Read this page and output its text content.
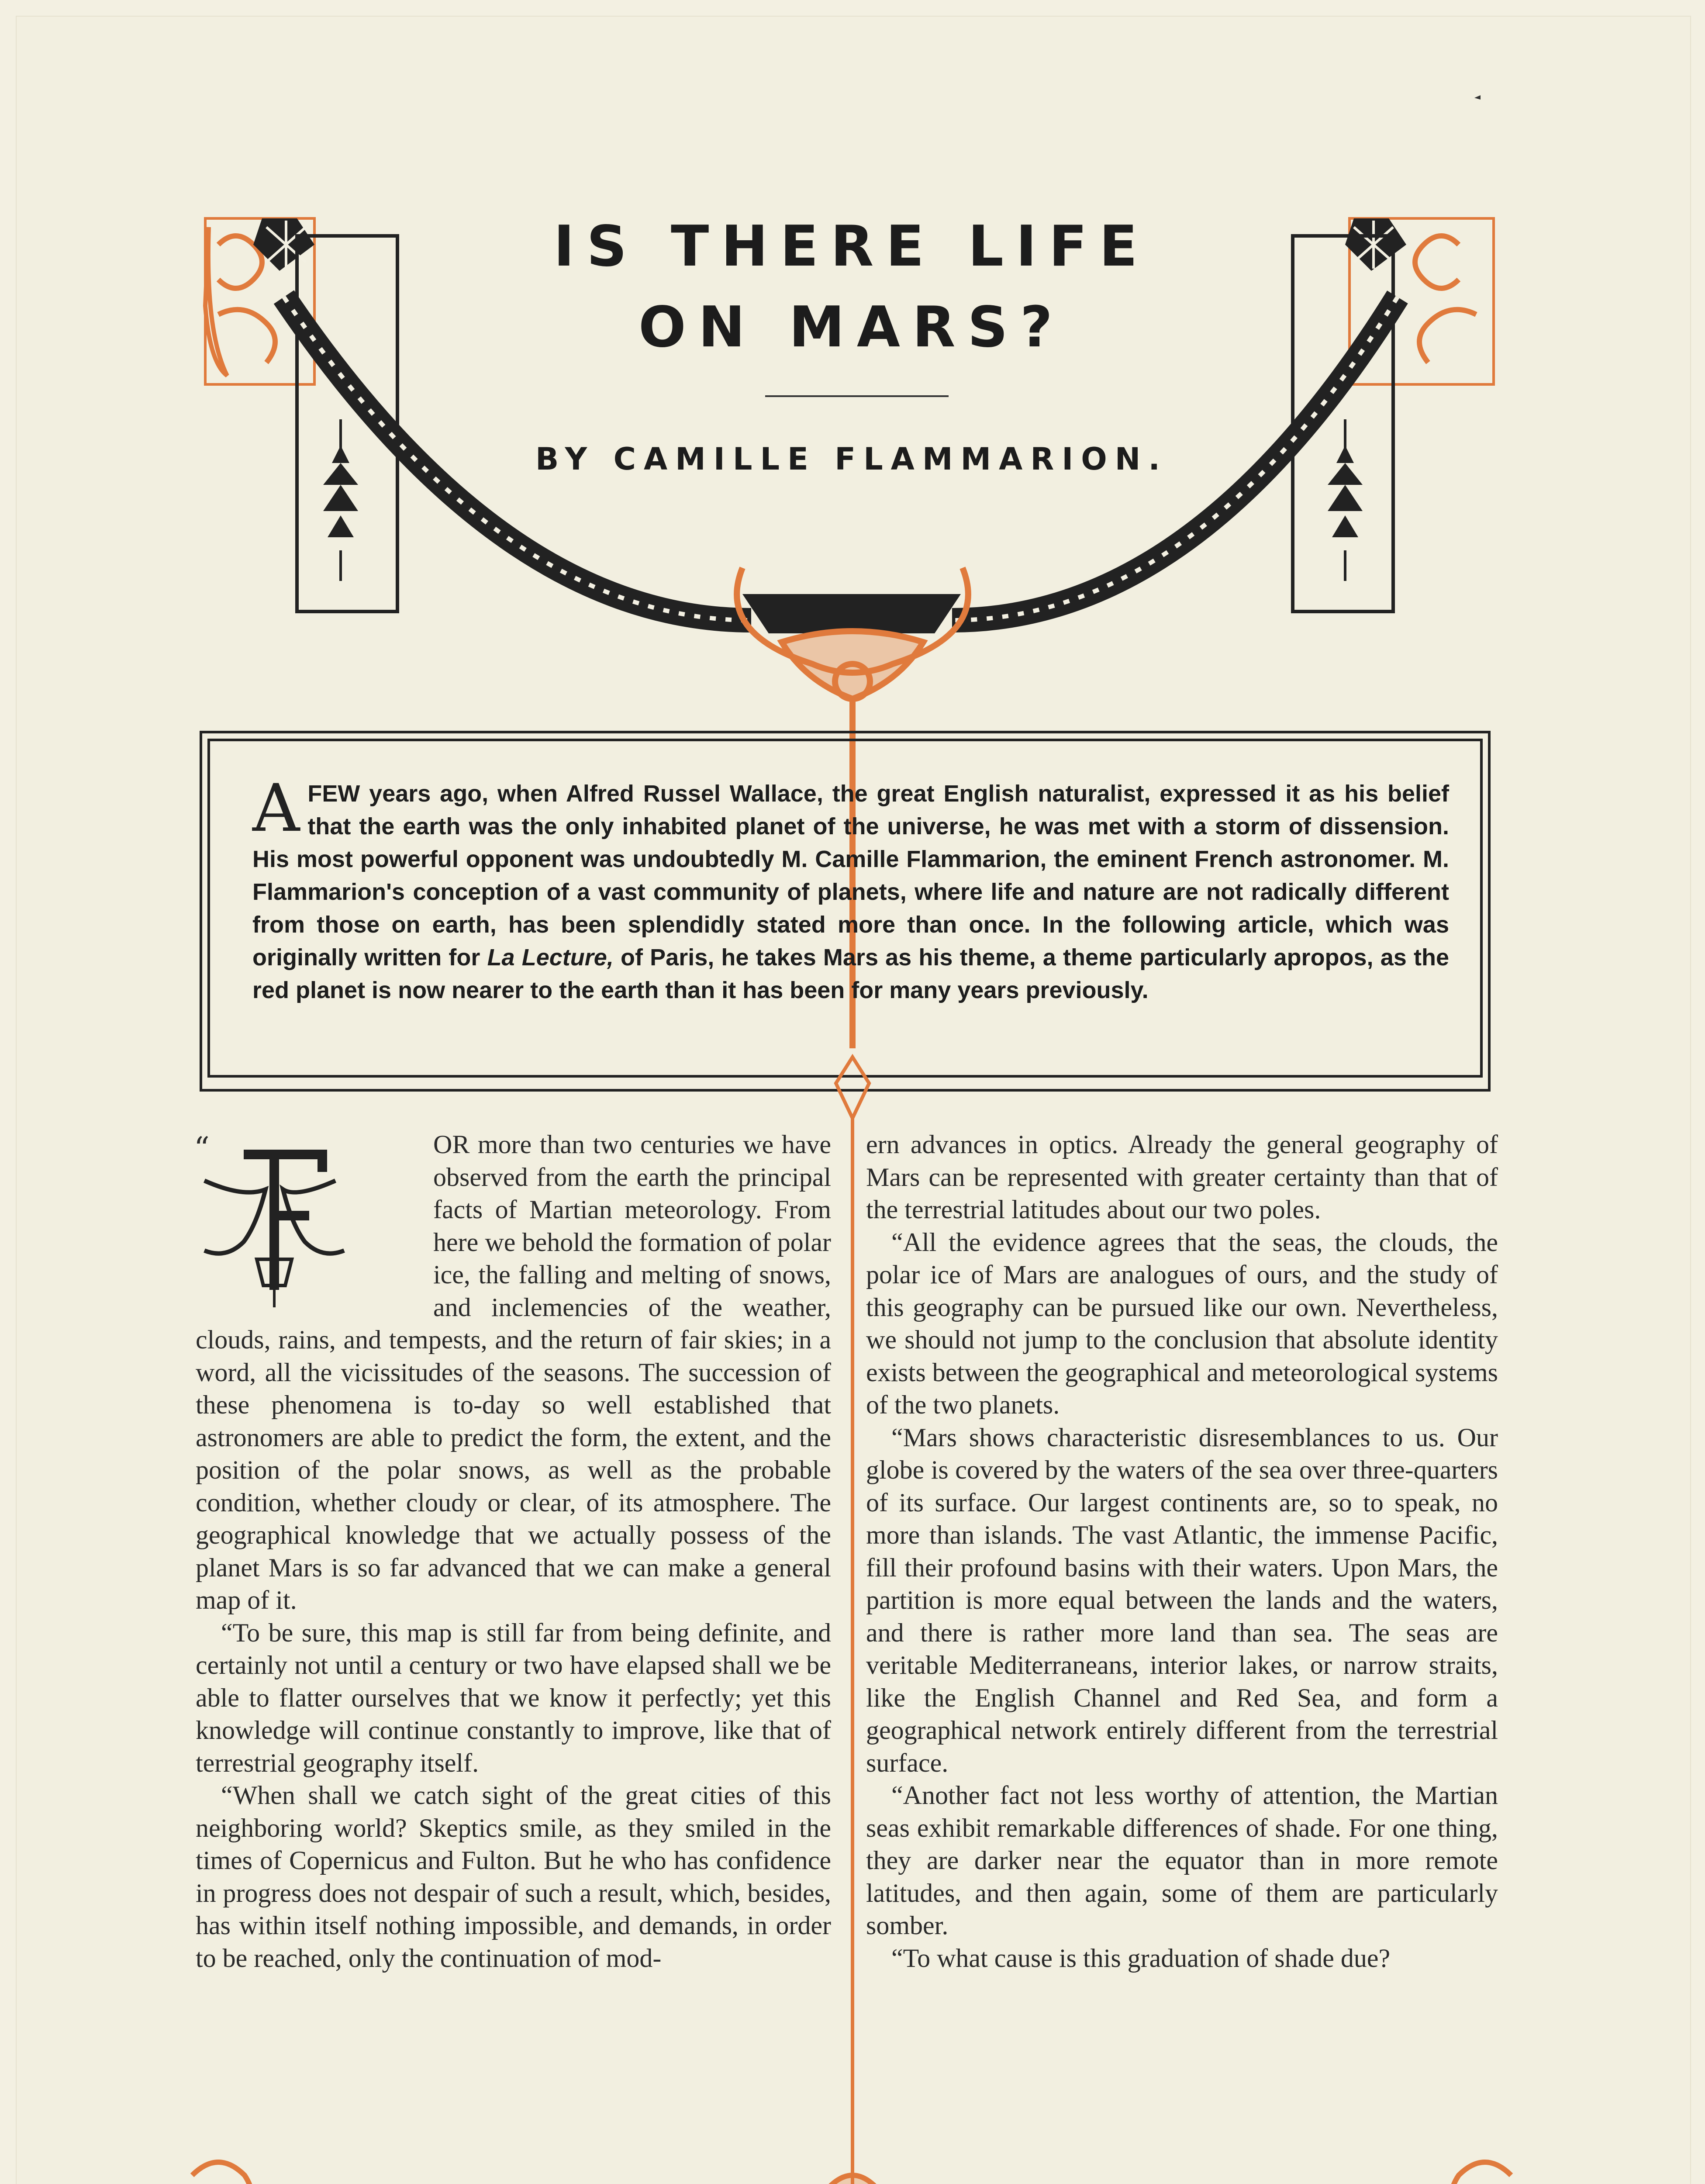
IS THERE LIFE
ON MARS?
BY CAMILLE FLAMMARION.
AFEW years ago, when Alfred Russel Wallace, the great English naturalist, expressed it as his belief that the earth was the only inhabited planet of the universe, he was met with a storm of dissension. His most powerful opponent was undoubtedly M. Camille Flammarion, the eminent French astronomer. M. Flammarion's conception of a vast community of planets, where life and nature are not radically different from those on earth, has been splendidly stated more than once. In the following article, which was originally written for La Lecture, of Paris, he takes Mars as his theme, a theme particularly apropos, as the red planet is now nearer to the earth than it has been for many years previously.
“	OR more than two centuries we have observed from the earth the principal facts of Martian meteorology. From here we behold the formation of polar ice, the falling and melting of snows, and inclemencies of the weather, clouds, rains, and tempests, and the return of fair skies; in a word, all the vicissitudes of the seasons. The succession of these phenomena is to-day so well established that astronomers are able to predict the form, the extent, and the position of the polar snows, as well as the probable condition, whether cloudy or clear, of its atmosphere. The geographical knowledge that we actually possess of the planet Mars is so far advanced that we can make a general map of it.

“To be sure, this map is still far from being definite, and certainly not until a century or two have elapsed shall we be able to flatter ourselves that we know it perfectly; yet this knowledge will continue constantly to improve, like that of terrestrial geography itself.

“When shall we catch sight of the great cities of this neighboring world? Skeptics smile, as they smiled in the times of Copernicus and Fulton. But he who has confidence in progress does not despair of such a result, which, besides, has within itself nothing impossible, and demands, in order to be reached, only the continuation of mod-

ern advances in optics. Already the general geography of Mars can be represented with greater certainty than that of the terrestrial latitudes about our two poles.

“All the evidence agrees that the seas, the clouds, the polar ice of Mars are analogues of ours, and the study of this geography can be pursued like our own. Nevertheless, we should not jump to the conclusion that absolute identity exists between the geographical and meteorological systems of the two planets.

“Mars shows characteristic disresemblances to us. Our globe is covered by the waters of the sea over three-quarters of its surface. Our largest continents are, so to speak, no more than islands. The vast Atlantic, the immense Pacific, fill their profound basins with their waters. Upon Mars, the partition is more equal between the lands and the waters, and there is rather more land than sea. The seas are veritable Mediterraneans, interior lakes, or narrow straits, like the English Channel and Red Sea, and form a geographical network entirely different from the terrestrial surface.

“Another fact not less worthy of attention, the Martian seas exhibit remarkable differences of shade. For one thing, they are darker near the equator than in more remote latitudes, and then again, some of them are particularly somber.

“To what cause is this graduation of shade due?
